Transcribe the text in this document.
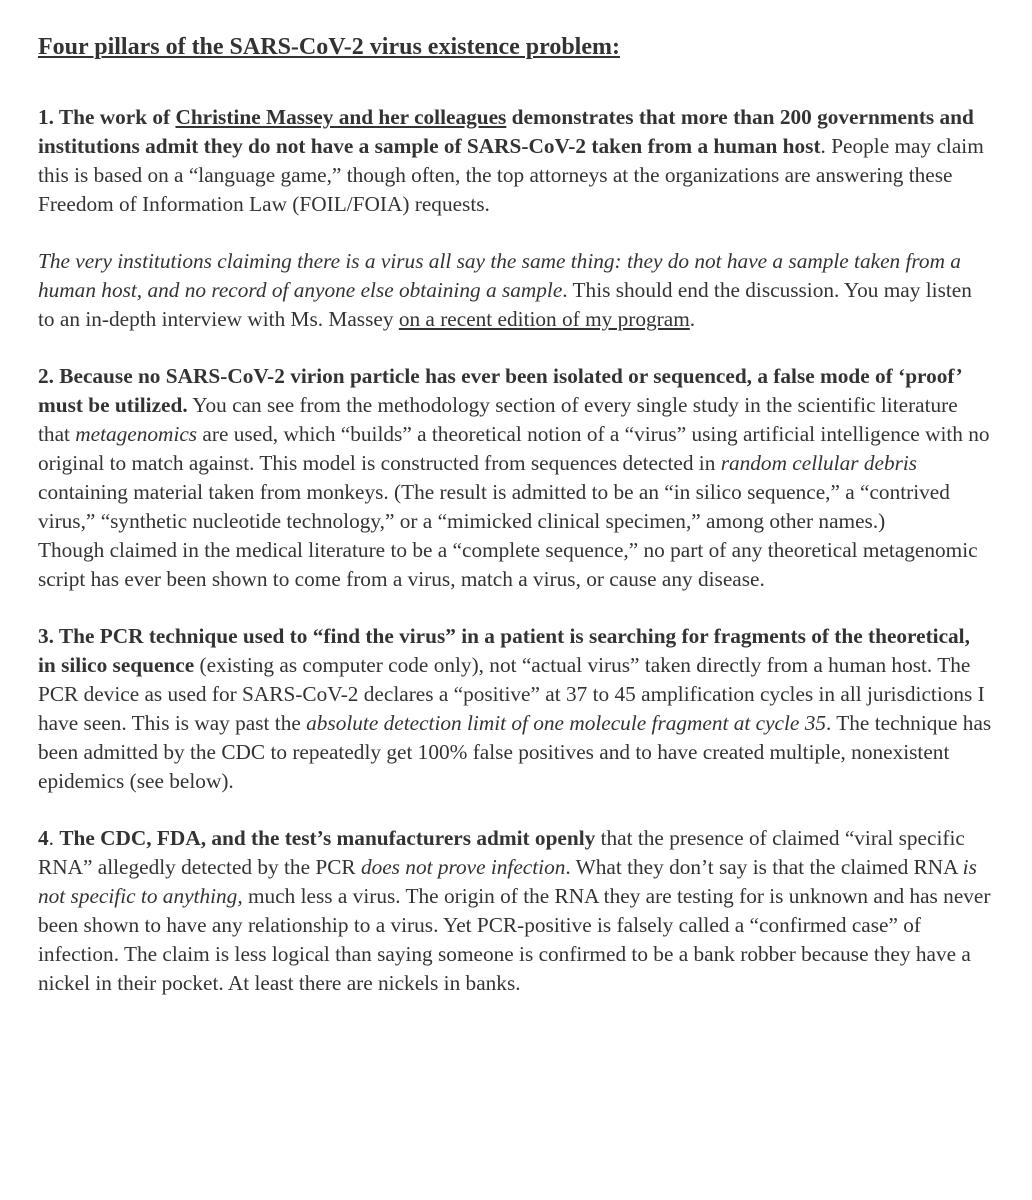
Four pillars of the SARS-CoV-2 virus existence problem:

1. The work of Christine Massey and her colleagues demonstrates that more than 200 governments and institutions admit they do not have a sample of SARS-CoV-2 taken from a human host. People may claim this is based on a “language game,” though often, the top attorneys at the organizations are answering these Freedom of Information Law (FOIL/FOIA) requests.

The very institutions claiming there is a virus all say the same thing: they do not have a sample taken from a human host, and no record of anyone else obtaining a sample. This should end the discussion. You may listen to an in-depth interview with Ms. Massey on a recent edition of my program.

2. Because no SARS-CoV-2 virion particle has ever been isolated or sequenced, a false mode of ‘proof’ must be utilized. You can see from the methodology section of every single study in the scientific literature that metagenomics are used, which “builds” a theoretical notion of a “virus” using artificial intelligence with no original to match against. This model is constructed from sequences detected in random cellular debris containing material taken from monkeys. (The result is admitted to be an “in silico sequence,” a “contrived virus,” “synthetic nucleotide technology,” or a “mimicked clinical specimen,” among other names.)
Though claimed in the medical literature to be a “complete sequence,” no part of any theoretical metagenomic script has ever been shown to come from a virus, match a virus, or cause any disease.

3. The PCR technique used to “find the virus” in a patient is searching for fragments of the theoretical, in silico sequence (existing as computer code only), not “actual virus” taken directly from a human host. The PCR device as used for SARS-CoV-2 declares a “positive” at 37 to 45 amplification cycles in all jurisdictions I have seen. This is way past the absolute detection limit of one molecule fragment at cycle 35. The technique has been admitted by the CDC to repeatedly get 100% false positives and to have created multiple, nonexistent epidemics (see below).

4. The CDC, FDA, and the test’s manufacturers admit openly that the presence of claimed “viral specific RNA” allegedly detected by the PCR does not prove infection. What they don’t say is that the claimed RNA is not specific to anything, much less a virus. The origin of the RNA they are testing for is unknown and has never been shown to have any relationship to a virus. Yet PCR-positive is falsely called a “confirmed case” of infection. The claim is less logical than saying someone is confirmed to be a bank robber because they have a nickel in their pocket. At least there are nickels in banks.
